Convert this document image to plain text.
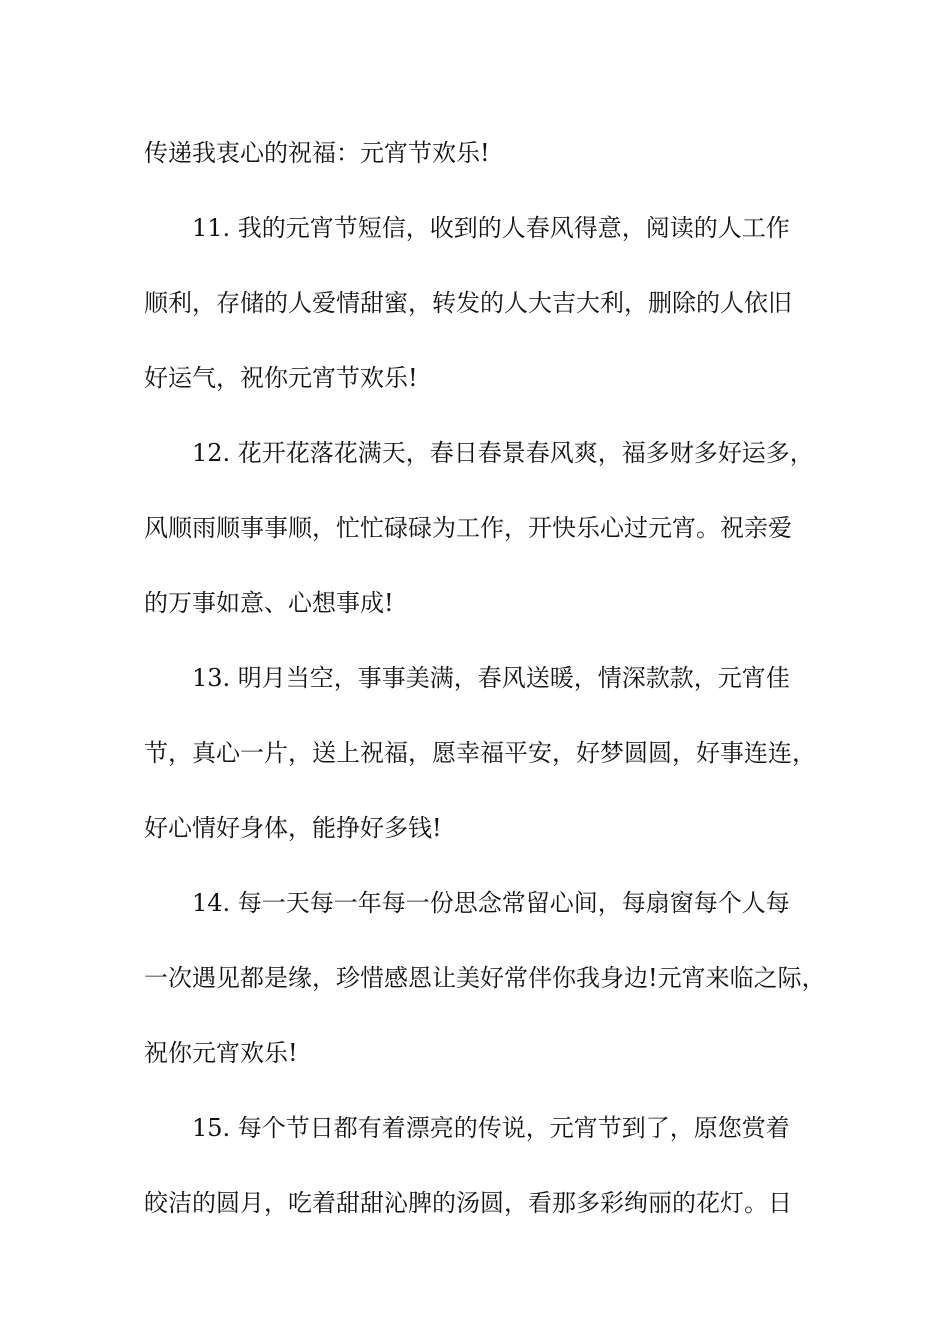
传递我衷心的祝福：元宵节欢乐!
11. 我的元宵节短信，收到的人春风得意，阅读的人工作
顺利，存储的人爱情甜蜜，转发的人大吉大利，删除的人依旧
好运气，祝你元宵节欢乐!
12. 花开花落花满天，春日春景春风爽，福多财多好运多，
风顺雨顺事事顺，忙忙碌碌为工作，开快乐心过元宵。祝亲爱
的万事如意、心想事成!
13. 明月当空，事事美满，春风送暖，情深款款，元宵佳
节，真心一片，送上祝福，愿幸福平安，好梦圆圆，好事连连，
好心情好身体，能挣好多钱!
14. 每一天每一年每一份思念常留心间，每扇窗每个人每
一次遇见都是缘，珍惜感恩让美好常伴你我身边!元宵来临之际，
祝你元宵欢乐!
15. 每个节日都有着漂亮的传说，元宵节到了，原您赏着
皎洁的圆月，吃着甜甜沁脾的汤圆，看那多彩绚丽的花灯。日
